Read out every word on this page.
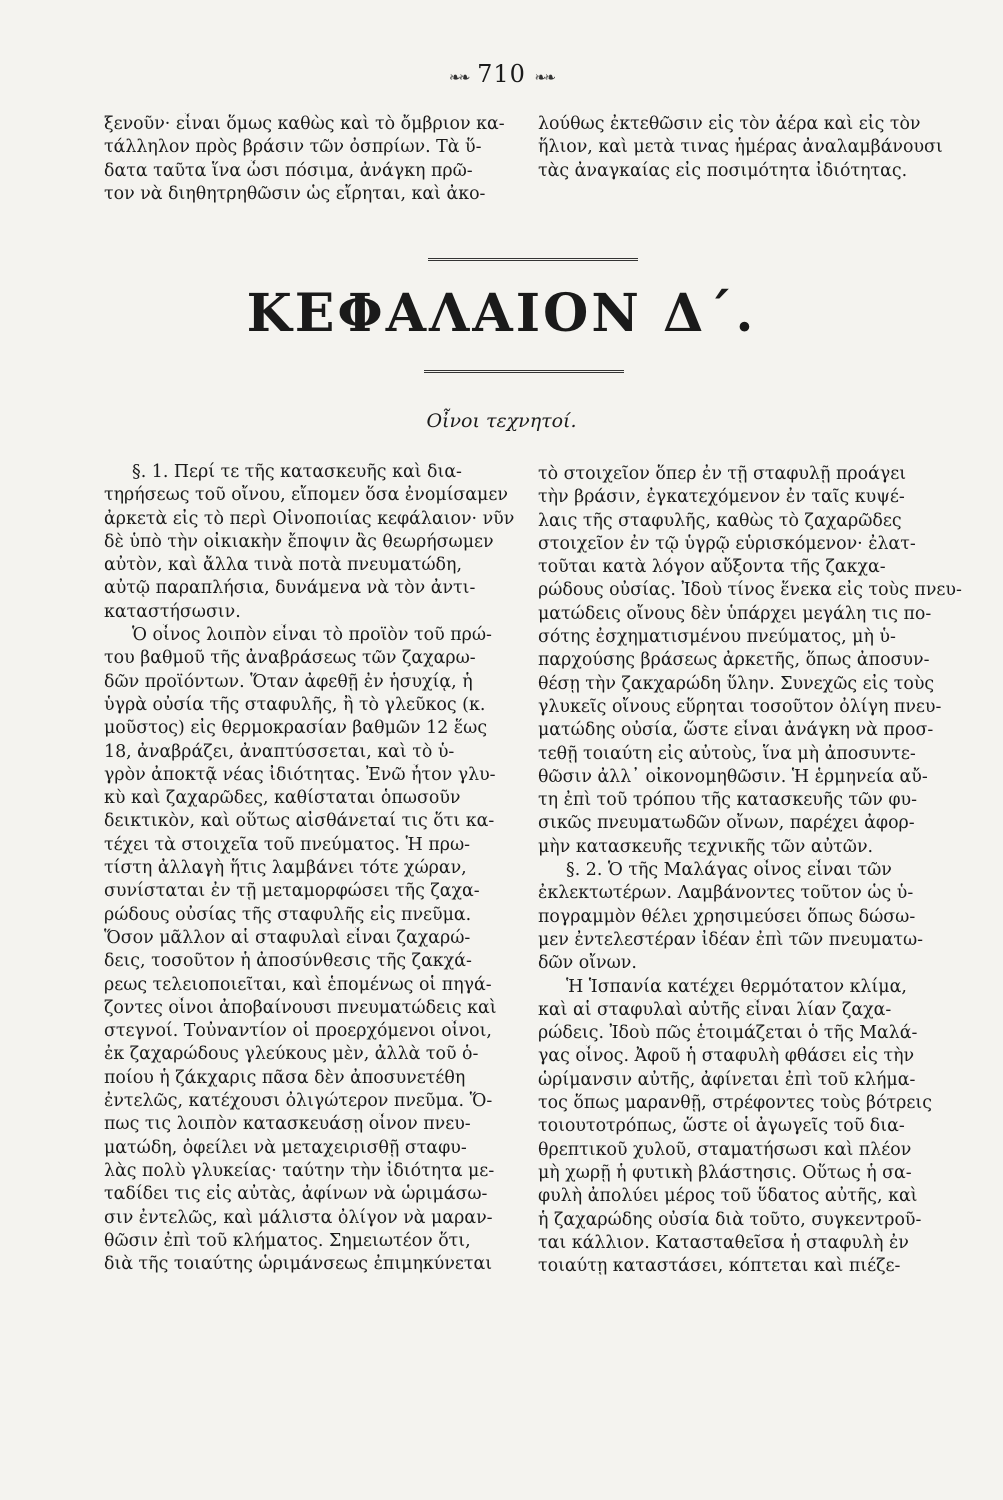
❧❧ 710 ❧❧
ξενοῦν· εἶναι ὅμως καθὼς καὶ τὸ ὄμβριον κα-
τάλληλον πρὸς βράσιν τῶν ὀσπρίων. Τὰ ὕ-
δατα ταῦτα ἵνα ὦσι πόσιμα, ἀνάγκη πρῶ-
τον νὰ διηθητρηθῶσιν ὡς εἴρηται, καὶ ἀκο-
λούθως ἐκτεθῶσιν εἰς τὸν ἀέρα καὶ εἰς τὸν
ἥλιον, καὶ μετὰ τινας ἡμέρας ἀναλαμβάνουσι
τὰς ἀναγκαίας εἰς ποσιμότητα ἰδιότητας.
ΚΕΦΑΛΑΙΟΝ Δ΄.
Οἶνοι τεχνητοί.

§. 1. Περί τε τῆς κατασκευῆς καὶ δια-
τηρήσεως τοῦ οἴνου, εἴπομεν ὅσα ἐνομίσαμεν
ἀρκετὰ εἰς τὸ περὶ Οἰνοποιίας κεφάλαιον· νῦν
δὲ ὑπὸ τὴν οἰκιακὴν ἔποψιν ἂς θεωρήσωμεν
αὐτὸν, καὶ ἄλλα τινὰ ποτὰ πνευματώδη,
αὐτῷ παραπλήσια, δυνάμενα νὰ τὸν ἀντι-
καταστήσωσιν.

Ὁ οἶνος λοιπὸν εἶναι τὸ προϊὸν τοῦ πρώ-
του βαθμοῦ τῆς ἀναβράσεως τῶν ζαχαρω-
δῶν προϊόντων. Ὅταν ἀφεθῇ ἐν ἡσυχίᾳ, ἡ
ὑγρὰ οὐσία τῆς σταφυλῆς, ἢ τὸ γλεῦκος (κ.
μοῦστος) εἰς θερμοκρασίαν βαθμῶν 12 ἕως
18, ἀναβράζει, ἀναπτύσσεται, καὶ τὸ ὑ-
γρὸν ἀποκτᾷ νέας ἰδιότητας. Ἐνῶ ἦτον γλυ-
κὺ καὶ ζαχαρῶδες, καθίσταται ὁπωσοῦν
δεικτικὸν, καὶ οὕτως αἰσθάνεταί τις ὅτι κα-
τέχει τὰ στοιχεῖα τοῦ πνεύματος. Ἡ πρω-
τίστη ἀλλαγὴ ἥτις λαμβάνει τότε χώραν,
συνίσταται ἐν τῇ μεταμορφώσει τῆς ζαχα-
ρώδους οὐσίας τῆς σταφυλῆς εἰς πνεῦμα.
Ὅσον μᾶλλον αἱ σταφυλαὶ εἶναι ζαχαρώ-
δεις, τοσοῦτον ἡ ἀποσύνθεσις τῆς ζακχά-
ρεως τελειοποιεῖται, καὶ ἑπομένως οἱ πηγά-
ζοντες οἶνοι ἀποβαίνουσι πνευματώδεις καὶ
στεγνοί. Τοὐναντίον οἱ προερχόμενοι οἶνοι,
ἐκ ζαχαρώδους γλεύκους μὲν, ἀλλὰ τοῦ ὁ-
ποίου ἡ ζάκχαρις πᾶσα δὲν ἀποσυνετέθη
ἐντελῶς, κατέχουσι ὀλιγώτερον πνεῦμα. Ὅ-
πως τις λοιπὸν κατασκευάσῃ οἶνον πνευ-
ματώδη, ὀφείλει νὰ μεταχειρισθῇ σταφυ-
λὰς πολὺ γλυκείας· ταύτην τὴν ἰδιότητα με-
ταδίδει τις εἰς αὐτὰς, ἀφίνων νὰ ὡριμάσω-
σιν ἐντελῶς, καὶ μάλιστα ὀλίγον νὰ μαραν-
θῶσιν ἐπὶ τοῦ κλήματος. Σημειωτέον ὅτι,
διὰ τῆς τοιαύτης ὡριμάνσεως ἐπιμηκύνεται

τὸ στοιχεῖον ὅπερ ἐν τῇ σταφυλῇ προάγει
τὴν βράσιν, ἐγκατεχόμενον ἐν ταῖς κυψέ-
λαις τῆς σταφυλῆς, καθὼς τὸ ζαχαρῶδες
στοιχεῖον ἐν τῷ ὑγρῷ εὑρισκόμενον· ἐλατ-
τοῦται κατὰ λόγον αὔξοντα τῆς ζακχα-
ρώδους οὐσίας. Ἰδοὺ τίνος ἕνεκα εἰς τοὺς πνευ-
ματώδεις οἴνους δὲν ὑπάρχει μεγάλη τις πο-
σότης ἐσχηματισμένου πνεύματος, μὴ ὑ-
παρχούσης βράσεως ἀρκετῆς, ὅπως ἀποσυν-
θέσῃ τὴν ζακχαρώδη ὕλην. Συνεχῶς εἰς τοὺς
γλυκεῖς οἴνους εὕρηται τοσοῦτον ὀλίγη πνευ-
ματώδης οὐσία, ὥστε εἶναι ἀνάγκη νὰ προσ-
τεθῇ τοιαύτη εἰς αὐτοὺς, ἵνα μὴ ἀποσυντε-
θῶσιν ἀλλ᾽ οἰκονομηθῶσιν. Ἡ ἑρμηνεία αὔ-
τη ἐπὶ τοῦ τρόπου τῆς κατασκευῆς τῶν φυ-
σικῶς πνευματωδῶν οἴνων, παρέχει ἀφορ-
μὴν κατασκευῆς τεχνικῆς τῶν αὐτῶν.

§. 2. Ὁ τῆς Μαλάγας οἶνος εἶναι τῶν
ἐκλεκτωτέρων. Λαμβάνοντες τοῦτον ὡς ὑ-
πογραμμὸν θέλει χρησιμεύσει ὅπως δώσω-
μεν ἐντελεστέραν ἰδέαν ἐπὶ τῶν πνευματω-
δῶν οἴνων.

Ἡ Ἱσπανία κατέχει θερμότατον κλίμα,
καὶ αἱ σταφυλαὶ αὐτῆς εἶναι λίαν ζαχα-
ρώδεις. Ἰδοὺ πῶς ἑτοιμάζεται ὁ τῆς Μαλά-
γας οἶνος. Ἀφοῦ ἡ σταφυλὴ φθάσει εἰς τὴν
ὡρίμανσιν αὐτῆς, ἀφίνεται ἐπὶ τοῦ κλήμα-
τος ὅπως μαρανθῇ, στρέφοντες τοὺς βότρεις
τοιουτοτρόπως, ὥστε οἱ ἀγωγεῖς τοῦ δια-
θρεπτικοῦ χυλοῦ, σταματήσωσι καὶ πλέον
μὴ χωρῇ ἡ φυτικὴ βλάστησις. Οὕτως ἡ σα-
φυλὴ ἀπολύει μέρος τοῦ ὕδατος αὐτῆς, καὶ
ἡ ζαχαρώδης οὐσία διὰ τοῦτο, συγκεντροῦ-
ται κάλλιον. Κατασταθεῖσα ἡ σταφυλὴ ἐν
τοιαύτῃ καταστάσει, κόπτεται καὶ πιέζε-
